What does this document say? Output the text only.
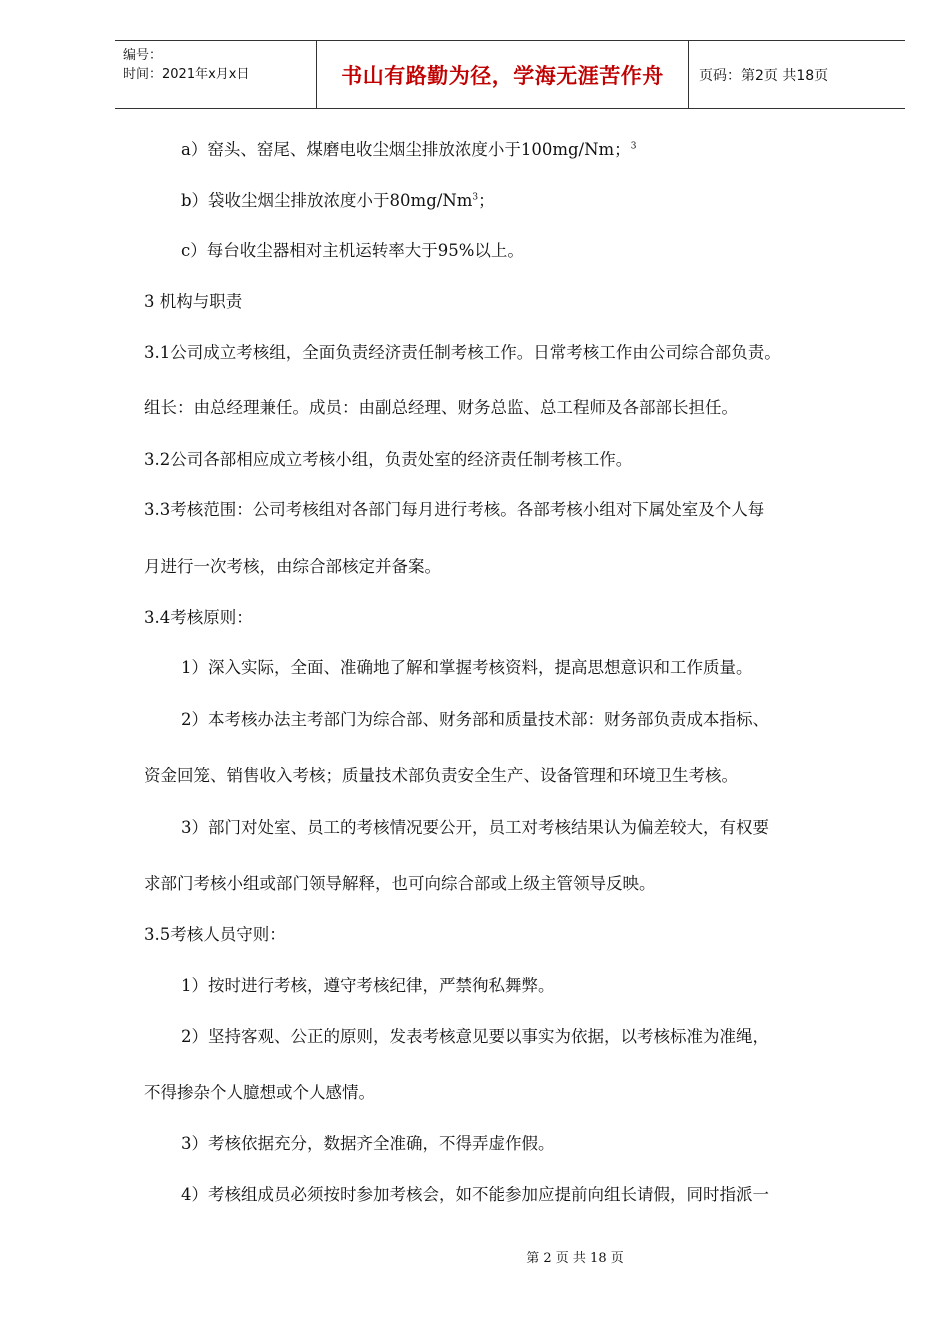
编号：
时间：2021年x月x日	书山有路勤为径，学海无涯苦作舟	页码：第2页 共18页
a）窑头、窑尾、煤磨电收尘烟尘排放浓度小于100mg/Nm；$^3$
b）袋收尘烟尘排放浓度小于80mg/Nm$^3$；
c）每台收尘器相对主机运转率大于95%以上。
3 机构与职责
3.1公司成立考核组，全面负责经济责任制考核工作。日常考核工作由公司综合部负责。
组长：由总经理兼任。成员：由副总经理、财务总监、总工程师及各部部长担任。
3.2公司各部相应成立考核小组，负责处室的经济责任制考核工作。
3.3考核范围：公司考核组对各部门每月进行考核。各部考核小组对下属处室及个人每
月进行一次考核，由综合部核定并备案。
3.4考核原则：
1）深入实际，全面、准确地了解和掌握考核资料，提高思想意识和工作质量。
2）本考核办法主考部门为综合部、财务部和质量技术部：财务部负责成本指标、
资金回笼、销售收入考核；质量技术部负责安全生产、设备管理和环境卫生考核。
3）部门对处室、员工的考核情况要公开，员工对考核结果认为偏差较大，有权要
求部门考核小组或部门领导解释，也可向综合部或上级主管领导反映。
3.5考核人员守则：
1）按时进行考核，遵守考核纪律，严禁徇私舞弊。
2）坚持客观、公正的原则，发表考核意见要以事实为依据，以考核标准为准绳，
不得掺杂个人臆想或个人感情。
3）考核依据充分，数据齐全准确，不得弄虚作假。
4）考核组成员必须按时参加考核会，如不能参加应提前向组长请假，同时指派一
第 2 页 共 18 页
